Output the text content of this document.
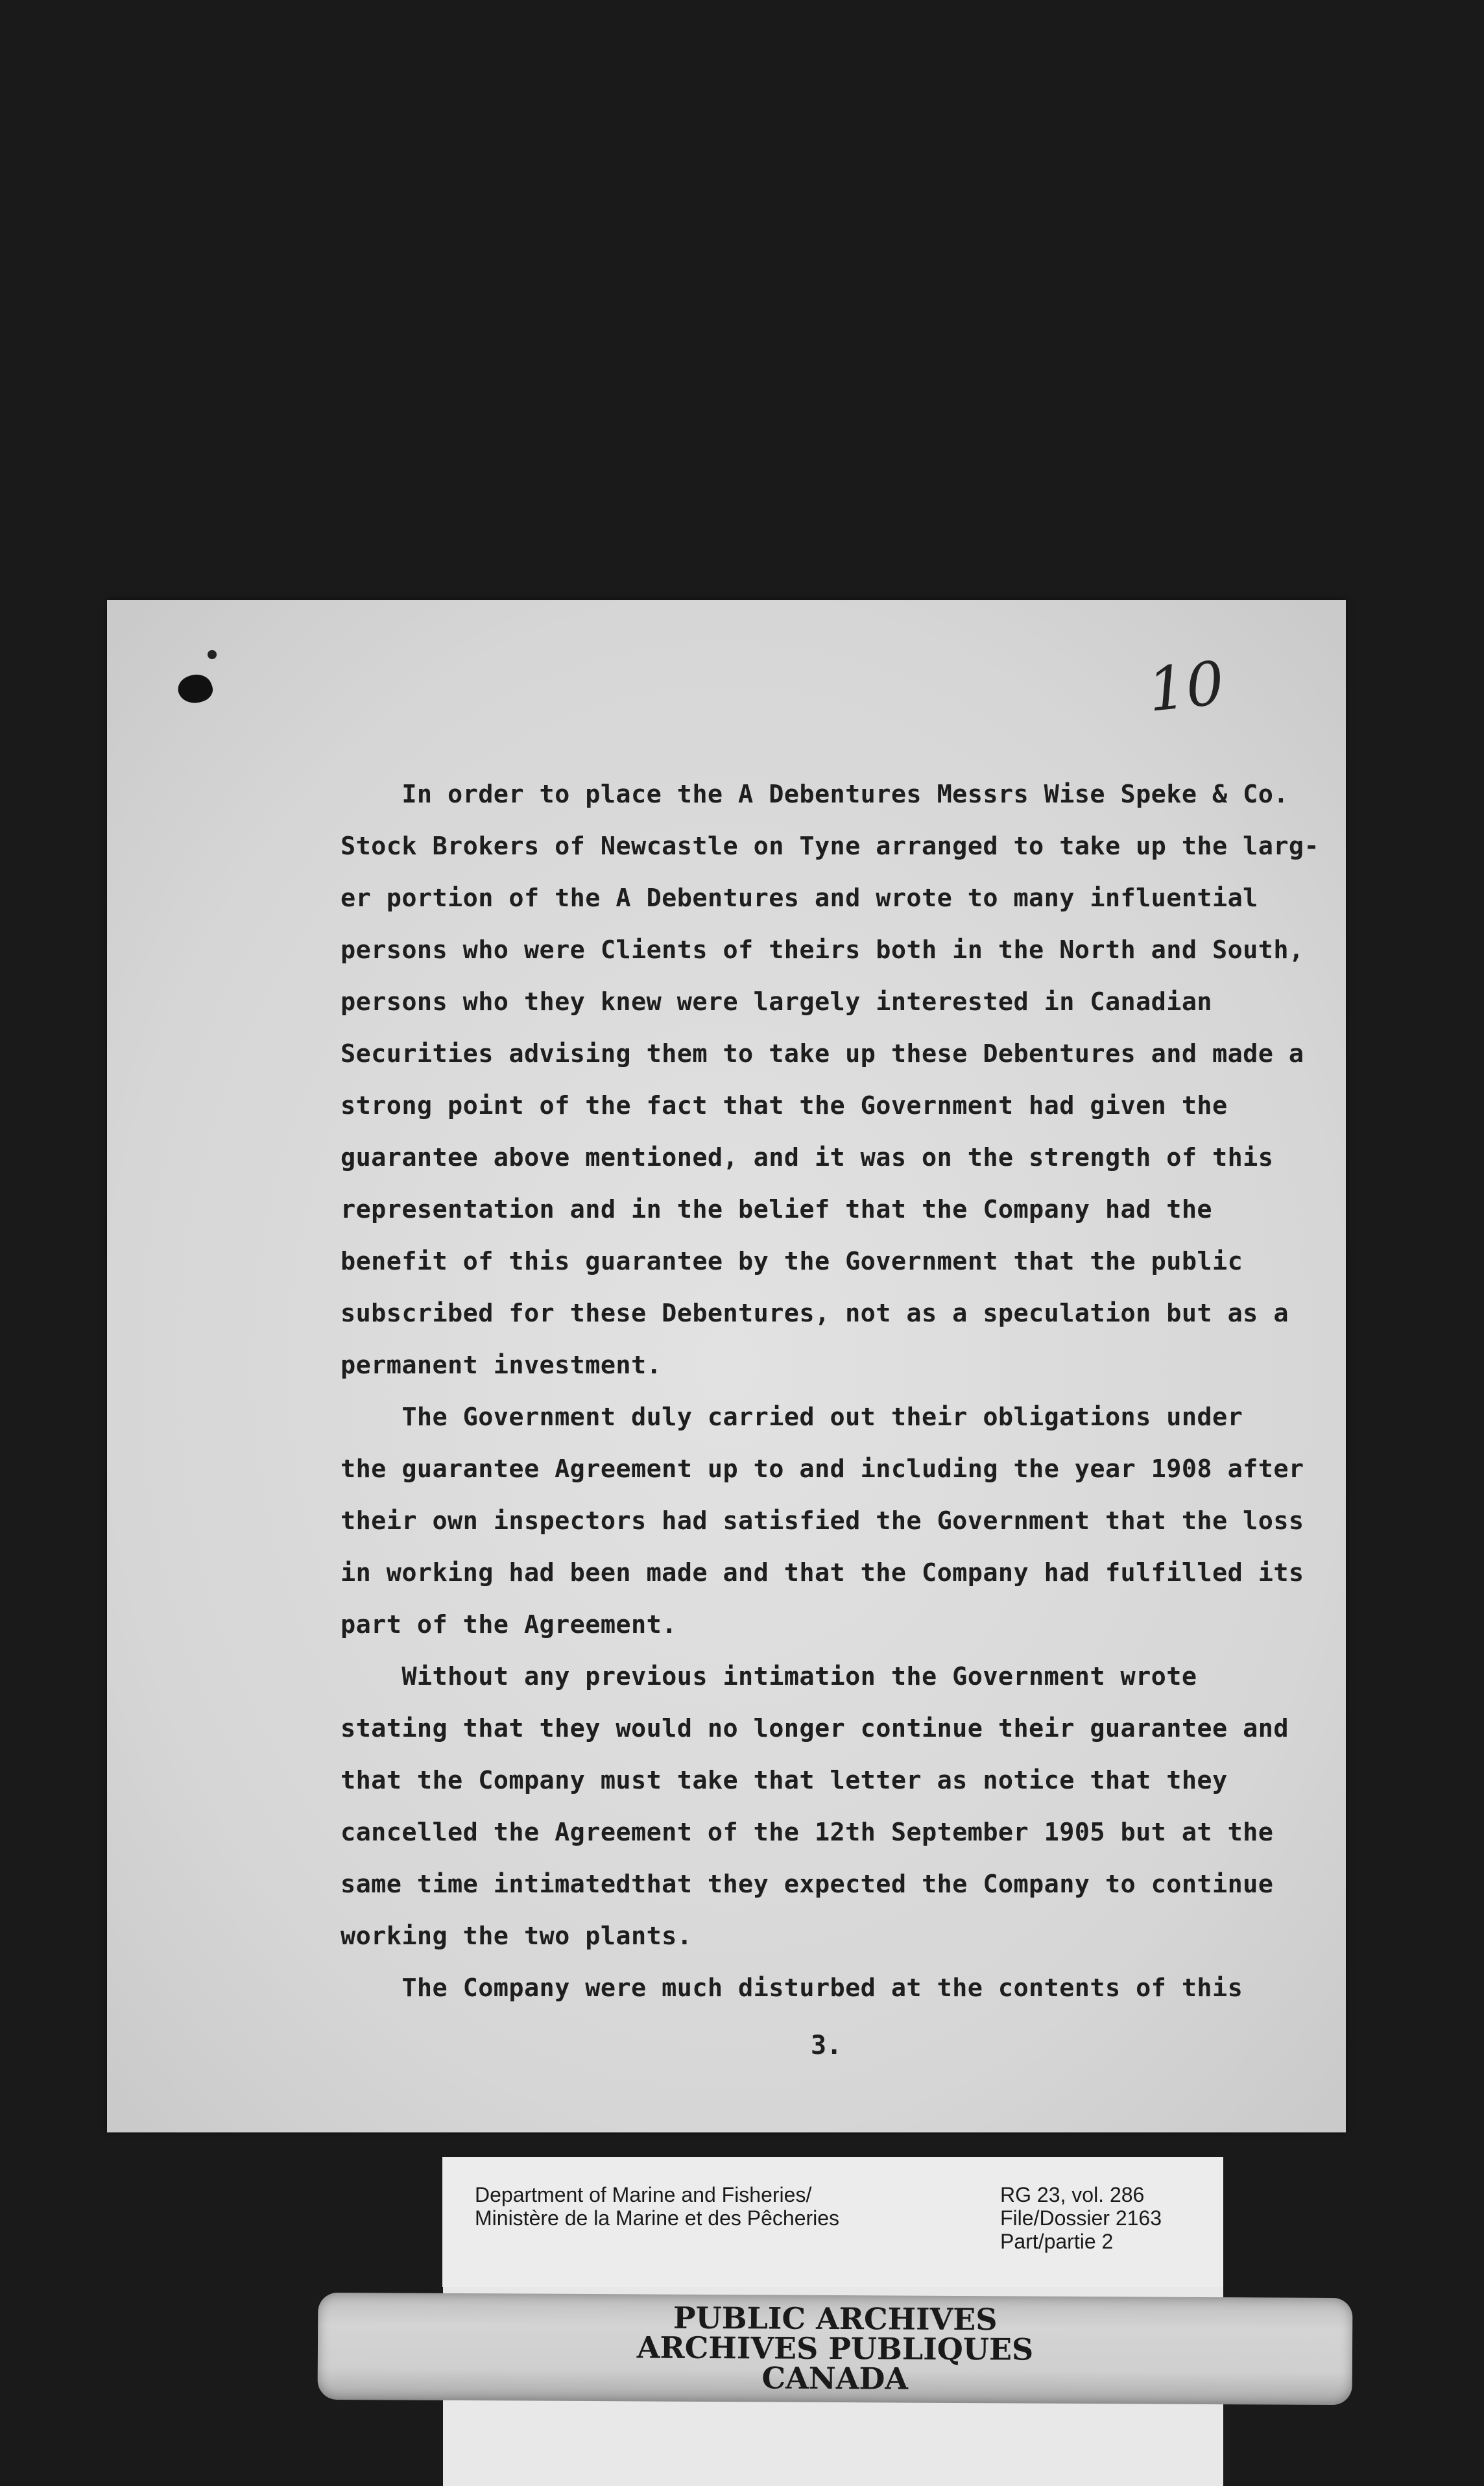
10
In order to place the A Debentures Messrs Wise Speke & Co.
Stock Brokers of Newcastle on Tyne arranged to take up the larg-
er portion of the A Debentures and wrote to many influential
persons who were Clients of theirs both in the North and South,
persons who they knew were largely interested in Canadian
Securities advising them to take up these Debentures and made a
strong point of the fact that the Government had given the
guarantee above mentioned, and it was on the strength of this
representation and in the belief that the Company had the
benefit of this guarantee by the Government that the public
subscribed for these Debentures, not as a speculation but as a
permanent investment.
The Government duly carried out their obligations under
the guarantee Agreement up to and including the year 1908 after
their own inspectors had satisfied the Government that the loss
in working had been made and that the Company had fulfilled its
part of the Agreement.
Without any previous intimation the Government wrote
stating that they would no longer continue their guarantee and
that the Company must take that letter as notice that they
cancelled the Agreement of the 12th September 1905 but at the
same time intimatedthat they expected the Company to continue
working the two plants.
The Company were much disturbed at the contents of this
3.
Department of Marine and Fisheries/
Ministère de la Marine et des Pêcheries
RG 23, vol. 286
File/Dossier 2163
Part/partie 2
PUBLIC ARCHIVES
ARCHIVES PUBLIQUES
CANADA
